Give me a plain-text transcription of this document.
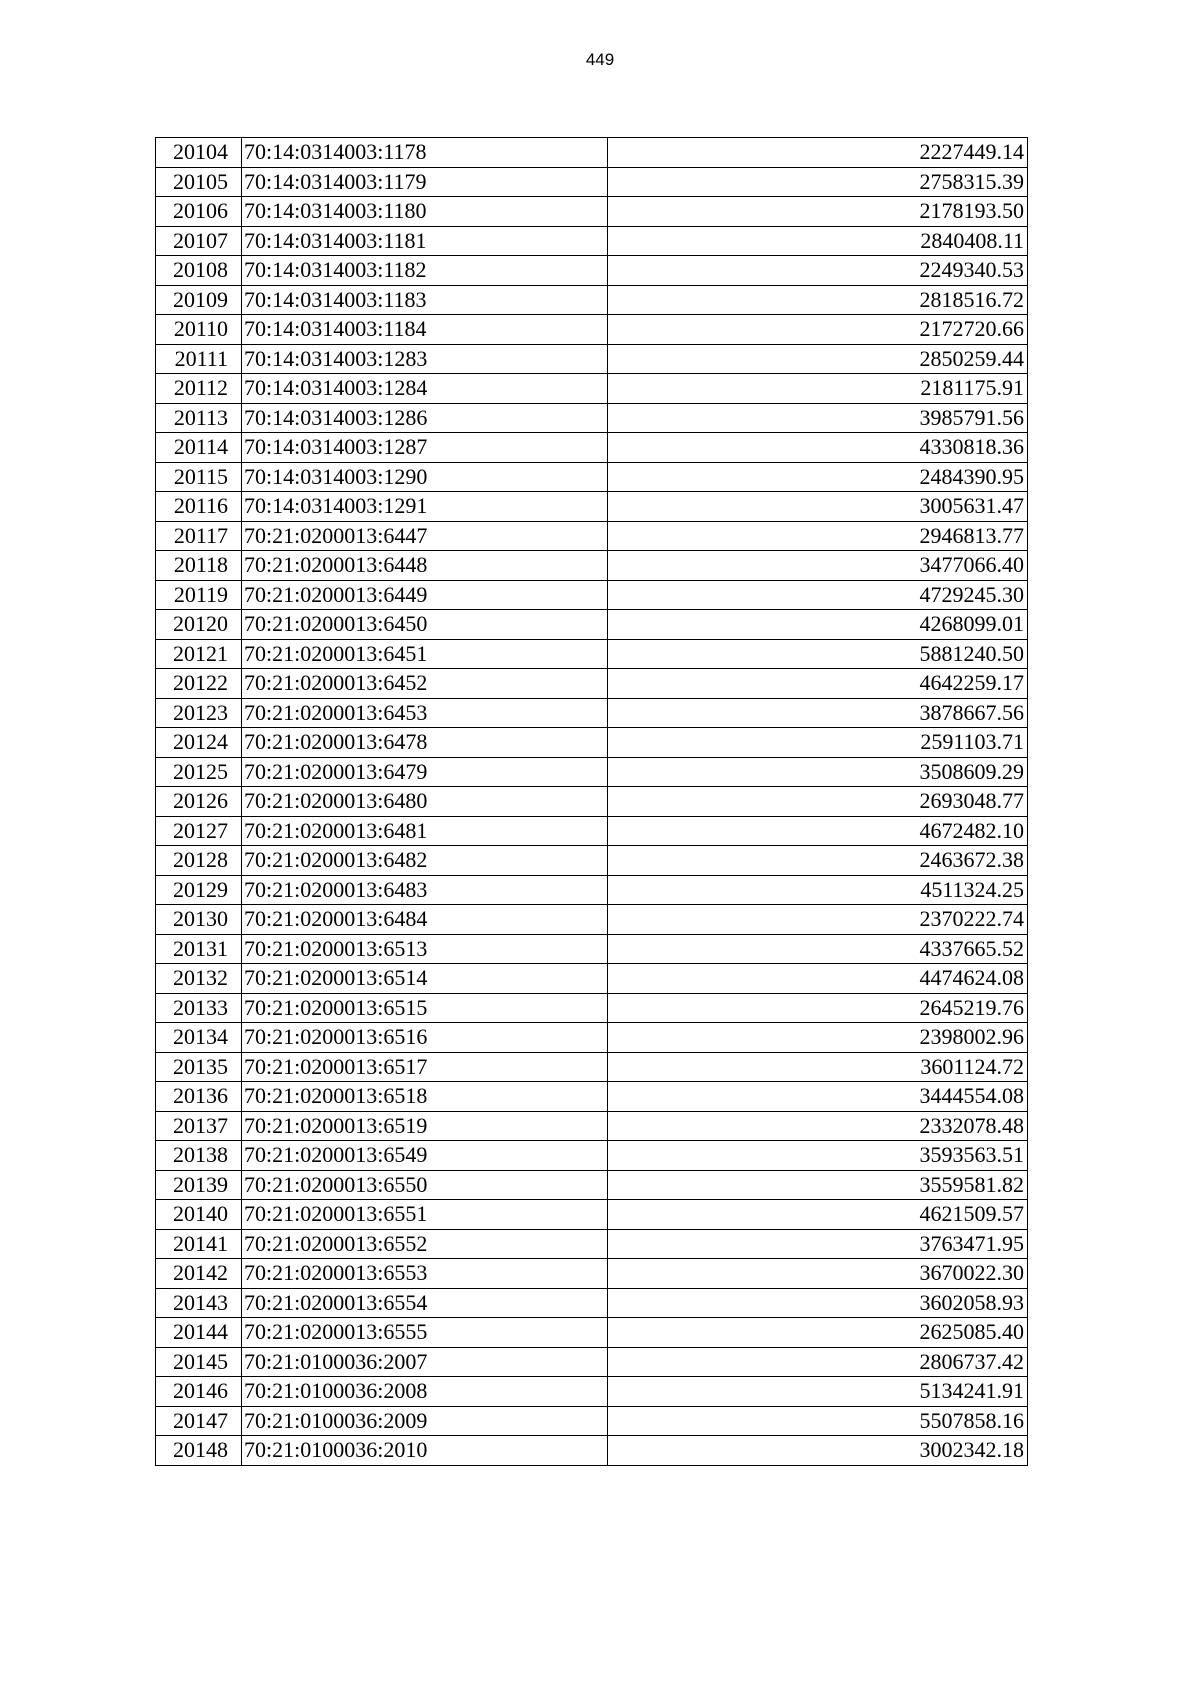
449
20104	70:14:0314003:1178	2227449.14
20105	70:14:0314003:1179	2758315.39
20106	70:14:0314003:1180	2178193.50
20107	70:14:0314003:1181	2840408.11
20108	70:14:0314003:1182	2249340.53
20109	70:14:0314003:1183	2818516.72
20110	70:14:0314003:1184	2172720.66
20111	70:14:0314003:1283	2850259.44
20112	70:14:0314003:1284	2181175.91
20113	70:14:0314003:1286	3985791.56
20114	70:14:0314003:1287	4330818.36
20115	70:14:0314003:1290	2484390.95
20116	70:14:0314003:1291	3005631.47
20117	70:21:0200013:6447	2946813.77
20118	70:21:0200013:6448	3477066.40
20119	70:21:0200013:6449	4729245.30
20120	70:21:0200013:6450	4268099.01
20121	70:21:0200013:6451	5881240.50
20122	70:21:0200013:6452	4642259.17
20123	70:21:0200013:6453	3878667.56
20124	70:21:0200013:6478	2591103.71
20125	70:21:0200013:6479	3508609.29
20126	70:21:0200013:6480	2693048.77
20127	70:21:0200013:6481	4672482.10
20128	70:21:0200013:6482	2463672.38
20129	70:21:0200013:6483	4511324.25
20130	70:21:0200013:6484	2370222.74
20131	70:21:0200013:6513	4337665.52
20132	70:21:0200013:6514	4474624.08
20133	70:21:0200013:6515	2645219.76
20134	70:21:0200013:6516	2398002.96
20135	70:21:0200013:6517	3601124.72
20136	70:21:0200013:6518	3444554.08
20137	70:21:0200013:6519	2332078.48
20138	70:21:0200013:6549	3593563.51
20139	70:21:0200013:6550	3559581.82
20140	70:21:0200013:6551	4621509.57
20141	70:21:0200013:6552	3763471.95
20142	70:21:0200013:6553	3670022.30
20143	70:21:0200013:6554	3602058.93
20144	70:21:0200013:6555	2625085.40
20145	70:21:0100036:2007	2806737.42
20146	70:21:0100036:2008	5134241.91
20147	70:21:0100036:2009	5507858.16
20148	70:21:0100036:2010	3002342.18
